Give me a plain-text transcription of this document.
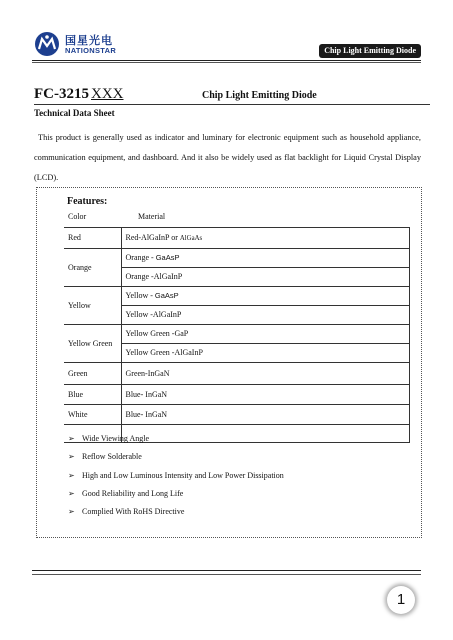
国星光电
NATIONSTAR	Chip Light Emitting Diode
FC-3215 XXX	Chip Light Emitting Diode
Technical Data Sheet

This product is generally used as indicator and luminary for electronic equipment such as household appliance, communication equipment, and dashboard. And it also be widely used as flat backlight for Liquid Crystal Display (LCD).

Features:
Color	Material
Red	Red-AlGaInP or AlGaAs
Orange	Orange - GaAsP
	Orange -AlGaInP
Yellow	Yellow - GaAsP
	Yellow -AlGaInP
Yellow Green	Yellow Green -GaP
	Yellow Green -AlGaInP
Green	Green-InGaN
Blue	Blue- InGaN
White	Blue- InGaN

➢ Wide Viewing Angle
➢ Reflow Solderable
➢ High and Low Luminous Intensity and Low Power Dissipation
➢ Good Reliability and Long Life
➢ Complied With RoHS Directive
1
